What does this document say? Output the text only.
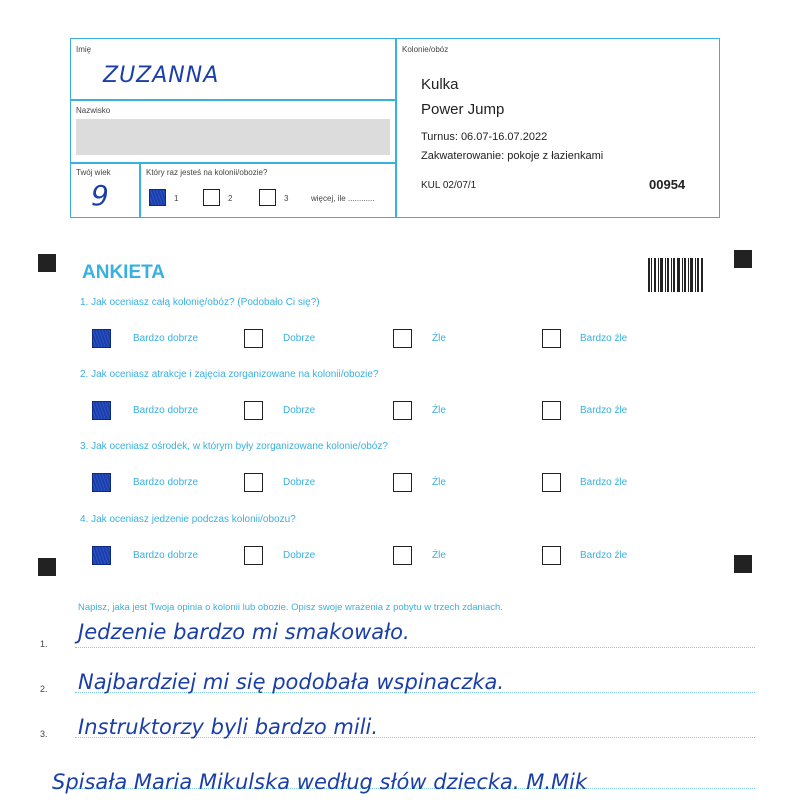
Imię
ZUZANNA
Nazwisko
Twój wiek
9
Który raz jesteś na kolonii/obozie?
1	2	3	więcej, ile ............
Kolonie/obóz
Kulka
Power Jump
Turnus: 06.07-16.07.2022
Zakwaterowanie: pokoje z łazienkami
KUL 02/07/1	00954
ANKIETA
1. Jak oceniasz całą kolonię/obóz? (Podobało Ci się?)
Bardzo dobrze	Dobrze	Źle	Bardzo źle
2. Jak oceniasz atrakcje i zajęcia zorganizowane na kolonii/obozie?
Bardzo dobrze	Dobrze	Źle	Bardzo źle
3. Jak oceniasz ośrodek, w którym były zorganizowane kolonie/obóz?
Bardzo dobrze	Dobrze	Źle	Bardzo źle
4. Jak oceniasz jedzenie podczas kolonii/obozu?
Bardzo dobrze	Dobrze	Źle	Bardzo źle
Napisz, jaka jest Twoja opinia o kolonii lub obozie. Opisz swoje wrażenia z pobytu w trzech zdaniach.
1. Jedzenie bardzo mi smakowało.
2. Najbardziej mi się podobała wspinaczka.
3. Instruktorzy byli bardzo mili.
Spisała Maria Mikulska według słów dziecka. M.Mik
